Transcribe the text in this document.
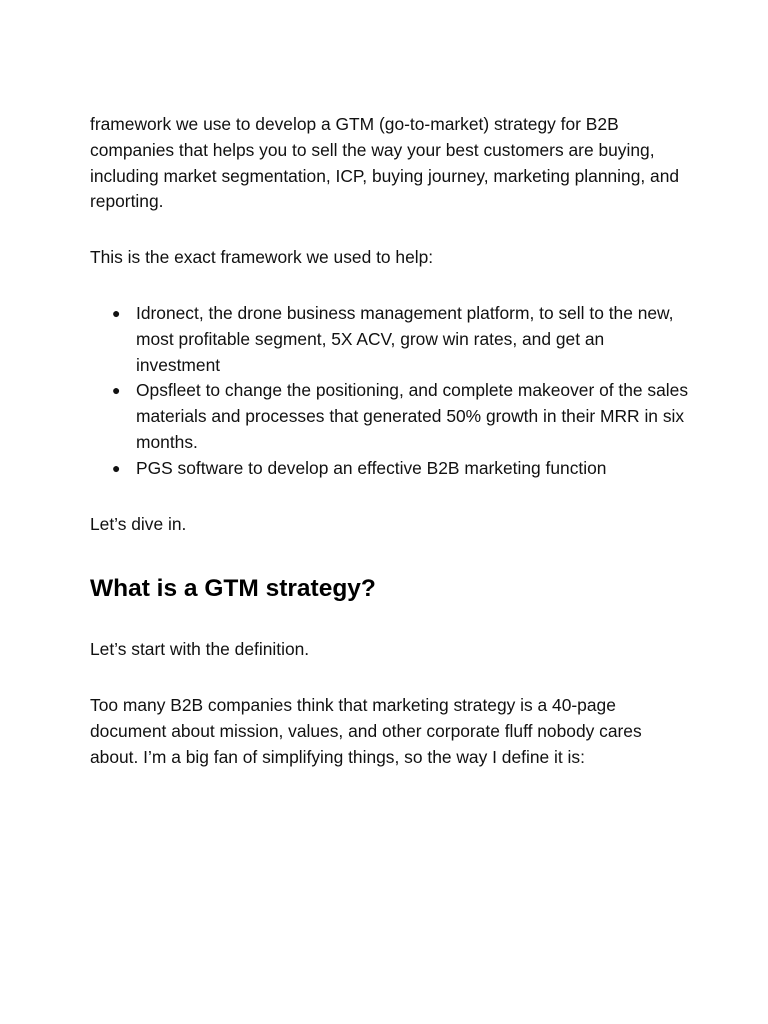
framework we use to develop a GTM (go-to-market) strategy for B2B companies that helps you to sell the way your best customers are buying, including market segmentation, ICP, buying journey, marketing planning, and reporting.

This is the exact framework we used to help:

● Idronect, the drone business management platform, to sell to the new, most profitable segment, 5X ACV, grow win rates, and get an investment
● Opsfleet to change the positioning, and complete makeover of the sales materials and processes that generated 50% growth in their MRR in six months.
● PGS software to develop an effective B2B marketing function

Let’s dive in.

What is a GTM strategy?

Let’s start with the definition.

Too many B2B companies think that marketing strategy is a 40-page document about mission, values, and other corporate fluff nobody cares about. I’m a big fan of simplifying things, so the way I define it is:
